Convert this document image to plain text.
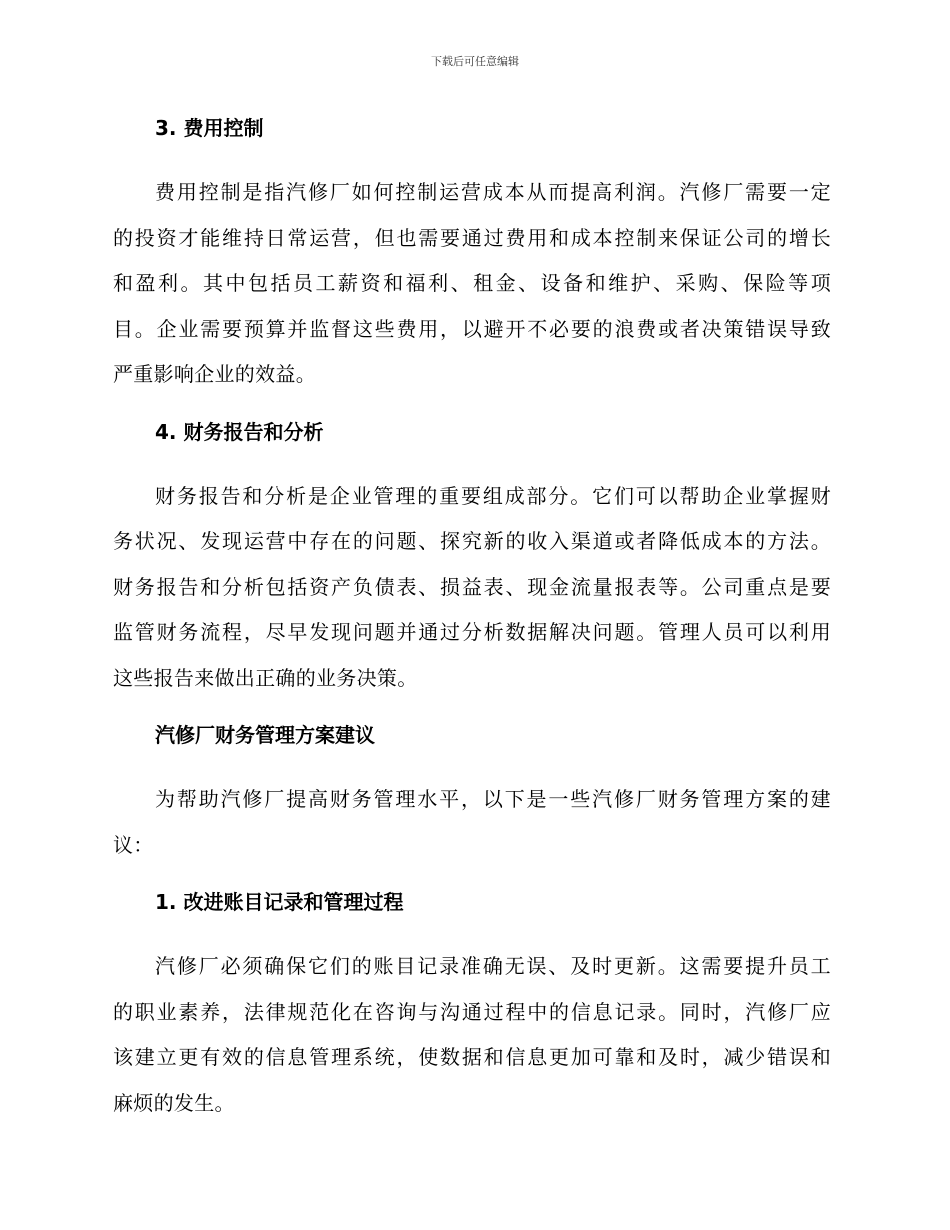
下载后可任意编辑
3. 费用控制
费用控制是指汽修厂如何控制运营成本从而提高利润。汽修厂需要一定
的投资才能维持日常运营，但也需要通过费用和成本控制来保证公司的增长
和盈利。其中包括员工薪资和福利、租金、设备和维护、采购、保险等项
目。企业需要预算并监督这些费用，以避开不必要的浪费或者决策错误导致
严重影响企业的效益。
4. 财务报告和分析
财务报告和分析是企业管理的重要组成部分。它们可以帮助企业掌握财
务状况、发现运营中存在的问题、探究新的收入渠道或者降低成本的方法。
财务报告和分析包括资产负债表、损益表、现金流量报表等。公司重点是要
监管财务流程，尽早发现问题并通过分析数据解决问题。管理人员可以利用
这些报告来做出正确的业务决策。
汽修厂财务管理方案建议
为帮助汽修厂提高财务管理水平，以下是一些汽修厂财务管理方案的建
议：
1. 改进账目记录和管理过程
汽修厂必须确保它们的账目记录准确无误、及时更新。这需要提升员工
的职业素养，法律规范化在咨询与沟通过程中的信息记录。同时，汽修厂应
该建立更有效的信息管理系统，使数据和信息更加可靠和及时，减少错误和
麻烦的发生。
